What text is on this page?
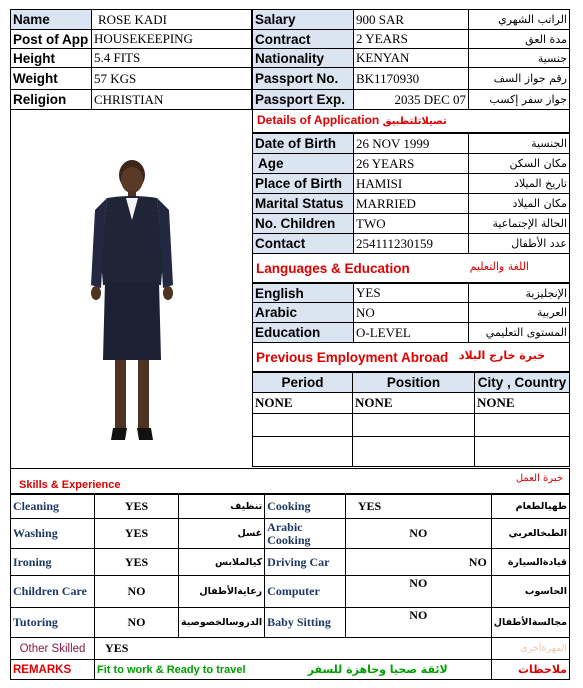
Name	ROSE KADI
Post of App	HOUSEKEEPING
Height	5.4 FITS
Weight	57 KGS
Religion	CHRISTIAN
Salary	900 SAR	الراتب الشهري
Contract	2 YEARS	مدة العق
Nationality	KENYAN	جنسية
Passport No.	BK1170930	رقم جواز السف
Passport Exp.	2035 DEC 07	جواز سفر إكسب
Details of Application تصيلاتلتطبيق
Date of Birth	26 NOV 1999	الجنسية
Age	26 YEARS	مكان السكن
Place of Birth	HAMISI	تاريخ الميلاد
Marital Status	MARRIED	مكان الميلاد
No. Children	TWO	الحالة الإجتماعية
Contact	254111230159	عدد الأطفال
Languages & Education	اللغة والتعليم
English	YES	الإنجليزية
Arabic	NO	العربية
Education	O-LEVEL	المستوى التعليمي
Previous Employment Abroad خبرة خارج البلاد
Period	Position	City , Country
NONE	NONE	NONE

Skills & Experience
خبرة العمل
Cleaning	YES	تنظيف	Cooking	YES	طهيالطعام
Washing	YES	غسل	Arabic Cooking	NO	الطبخالعربي
Ironing	YES	كيالملابس	Driving Car	NO	قيادةالسيارة
Children Care	NO	رعايةالأطفال	Computer	NO	الحاسوب
Tutoring	NO	الدروسالخصوصية	Baby Sitting	NO	مجالسةالأطفال
Other Skilled	YES				المهرةأخرى
REMARKS	Fit to work & Ready to travel		لائقة صحيا وجاهزة للسفر		ملاحظات
